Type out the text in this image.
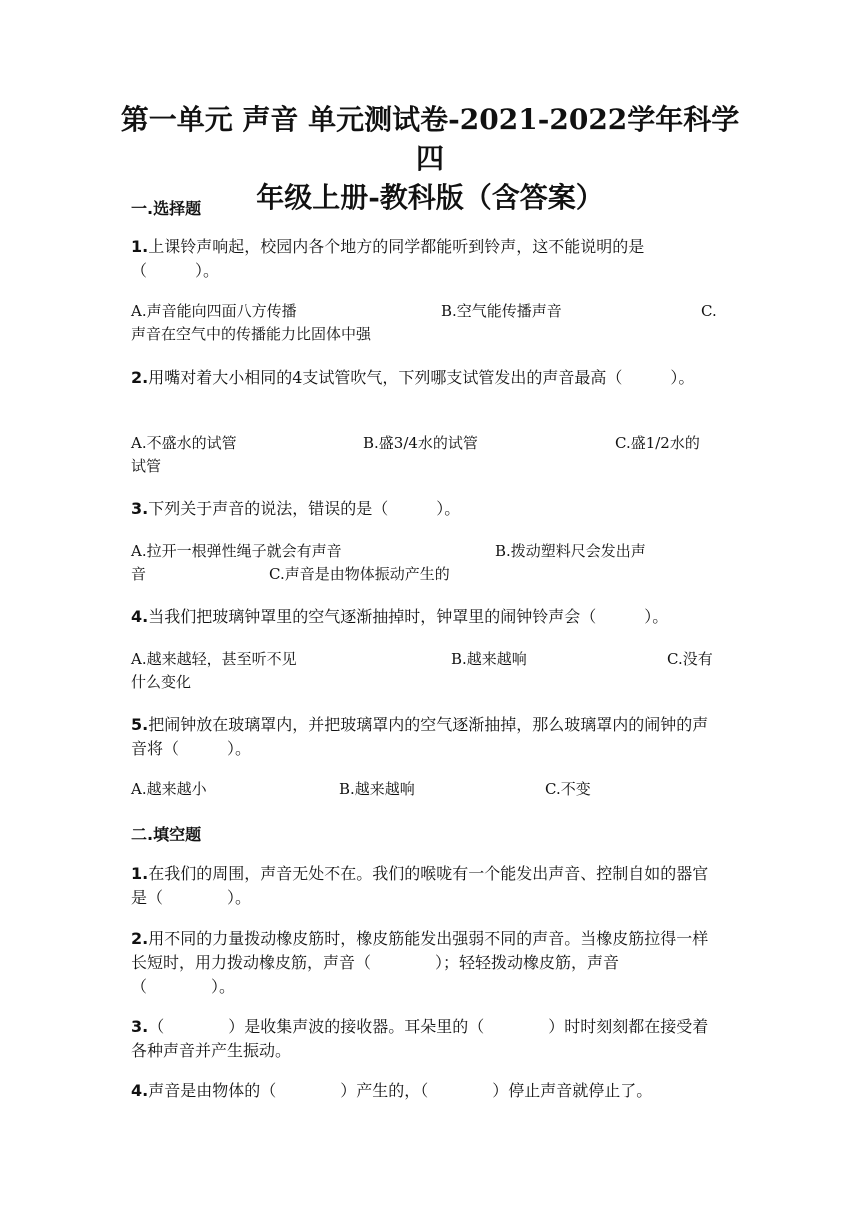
第一单元 声音 单元测试卷-2021-2022学年科学四
年级上册-教科版（含答案）
一.选择题
1.上课铃声响起，校园内各个地方的同学都能听到铃声，这不能说明的是（　　　）。
A.声音能向四面八方传播	B.空气能传播声音	C.
声音在空气中的传播能力比固体中强
2.用嘴对着大小相同的4支试管吹气，下列哪支试管发出的声音最高（　　　）。
A.不盛水的试管	B.盛3/4水的试管	C.盛1/2水的
试管
3.下列关于声音的说法，错误的是（　　　）。
A.拉开一根弹性绳子就会有声音	B.拨动塑料尺会发出声
音	C.声音是由物体振动产生的
4.当我们把玻璃钟罩里的空气逐渐抽掉时，钟罩里的闹钟铃声会（　　　）。
A.越来越轻，甚至听不见	B.越来越响	C.没有
什么变化
5.把闹钟放在玻璃罩内，并把玻璃罩内的空气逐渐抽掉，那么玻璃罩内的闹钟的声音将（　　　）。
A.越来越小	B.越来越响	C.不变
二.填空题
1.在我们的周围，声音无处不在。我们的喉咙有一个能发出声音、控制自如的器官是（　　　　）。
2.用不同的力量拨动橡皮筋时，橡皮筋能发出强弱不同的声音。当橡皮筋拉得一样长短时，用力拨动橡皮筋，声音（　　　　）；轻轻拨动橡皮筋，声音（　　　　）。
3.（　　　　）是收集声波的接收器。耳朵里的（　　　　）时时刻刻都在接受着各种声音并产生振动。
4.声音是由物体的（　　　　）产生的，（　　　　）停止声音就停止了。
